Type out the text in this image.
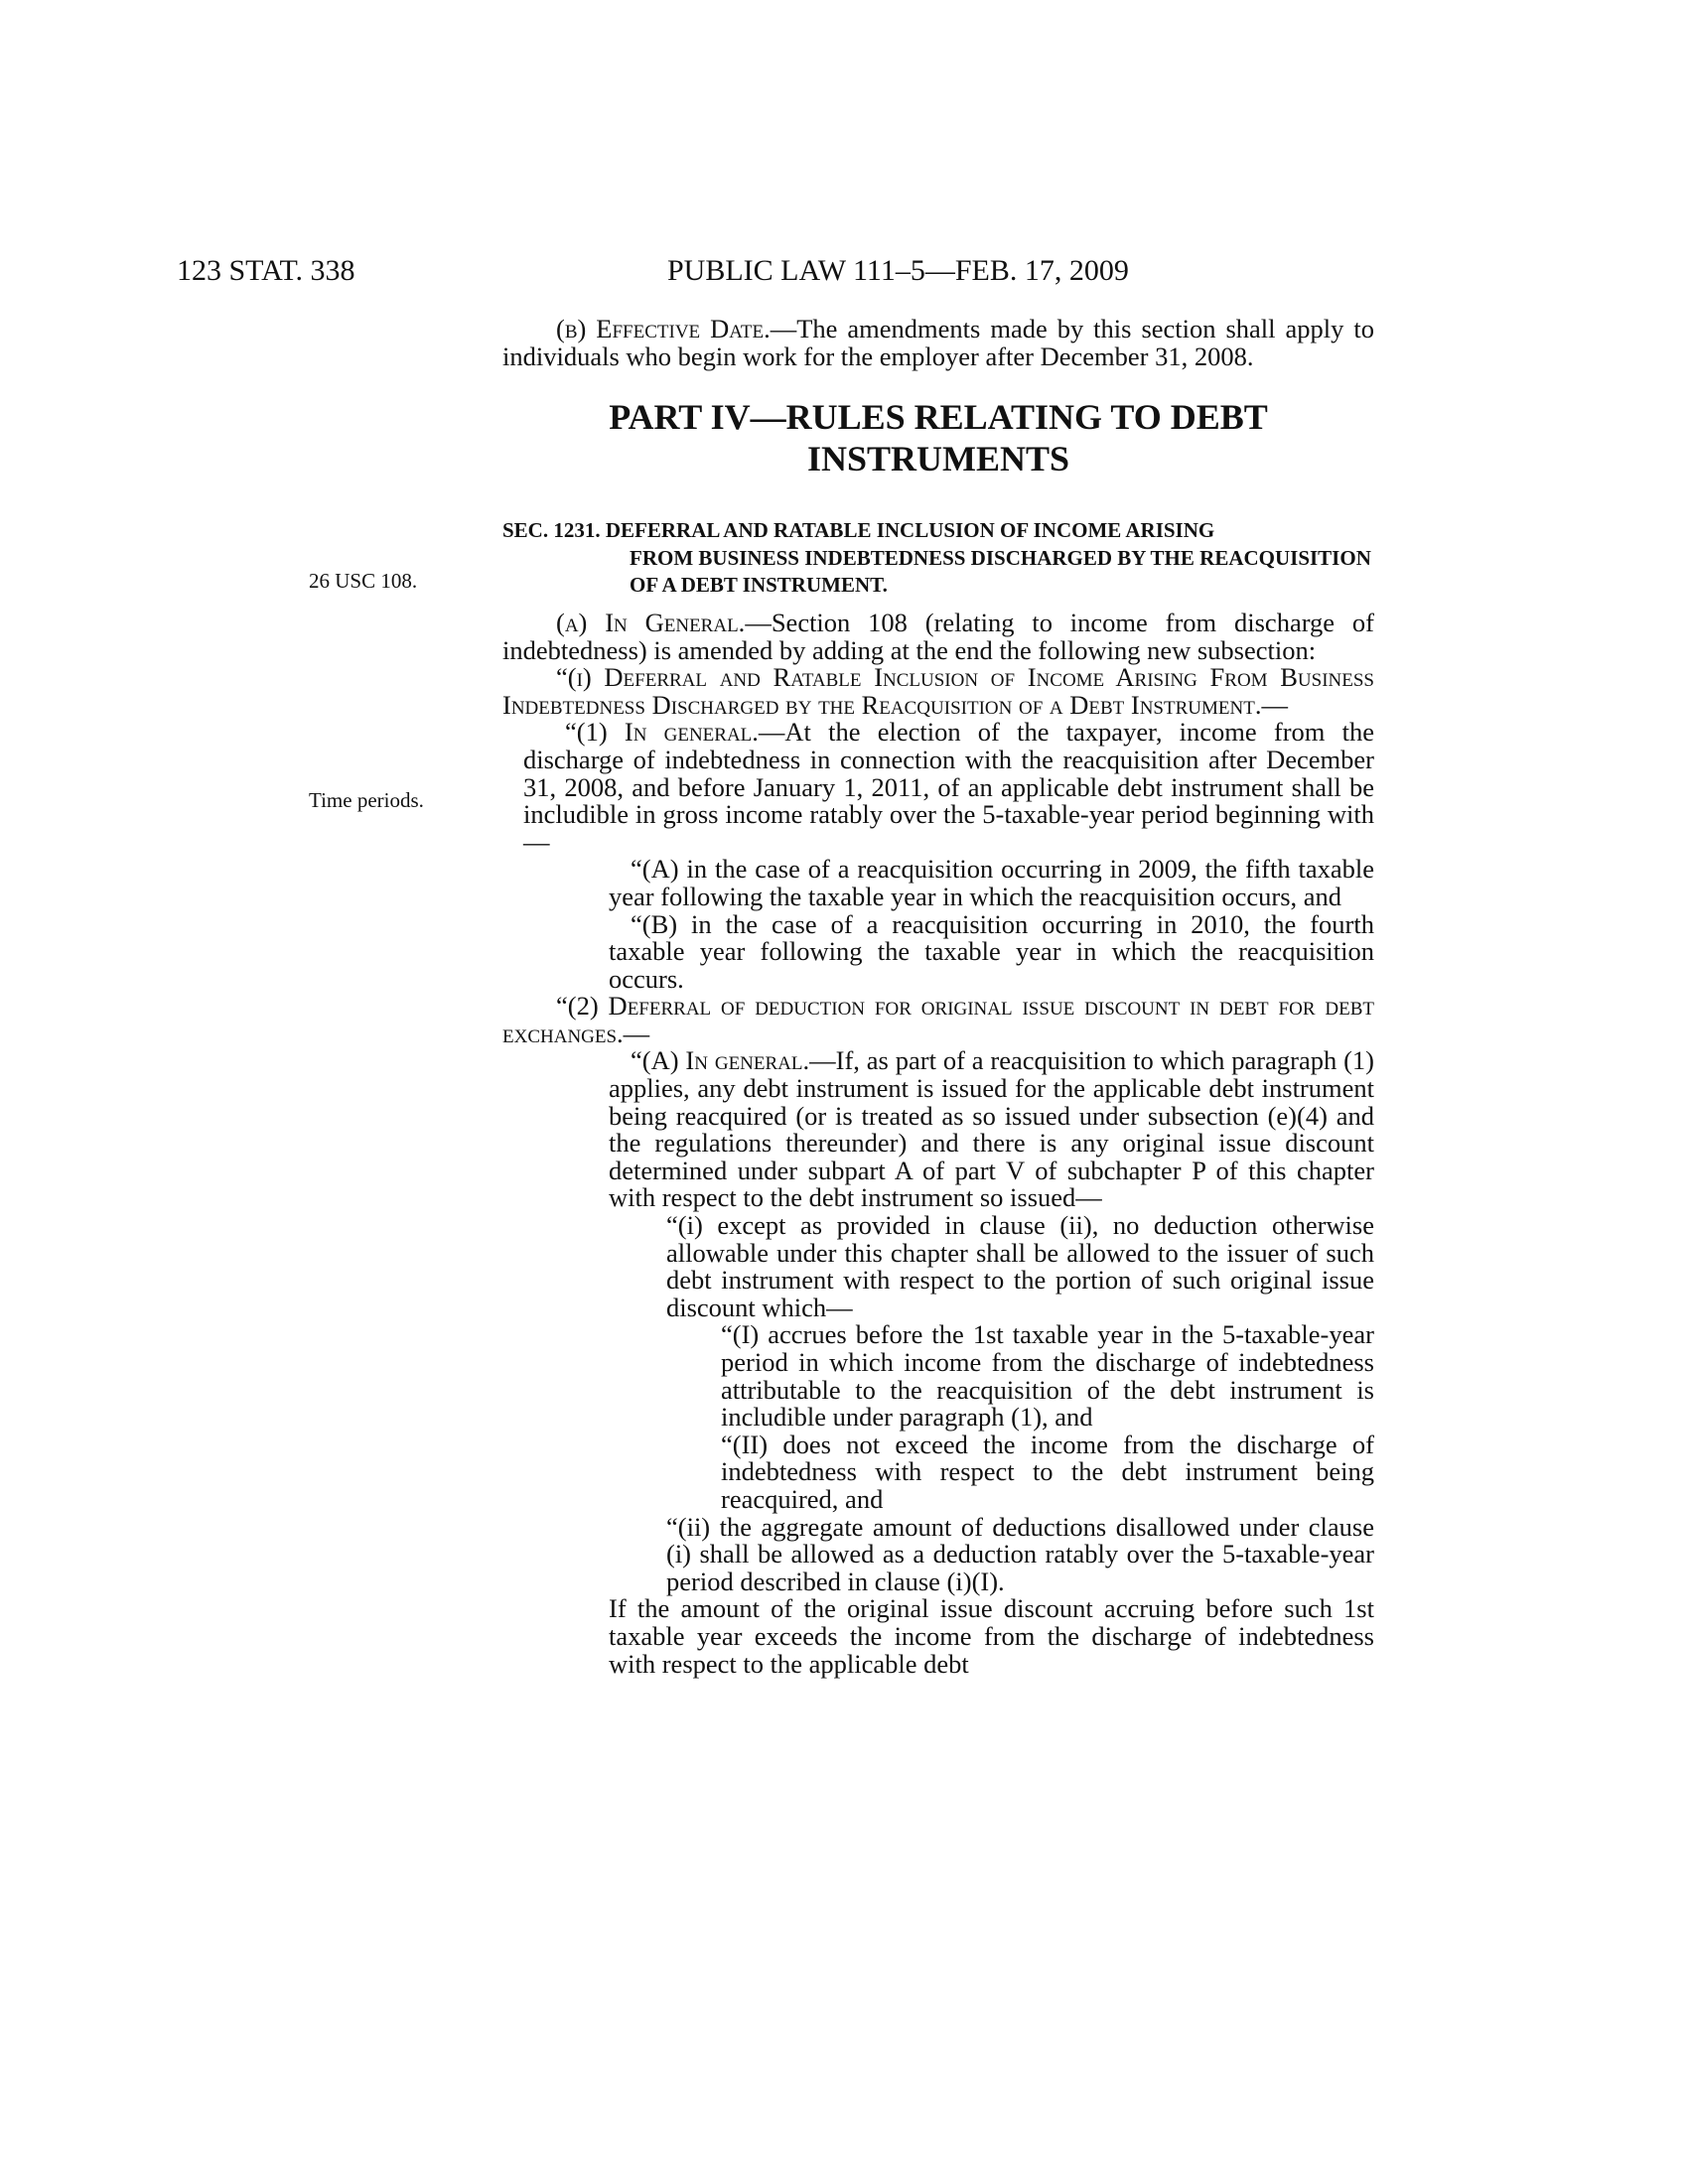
123 STAT. 338	PUBLIC LAW 111–5—FEB. 17, 2009
26 USC 108.
Time periods.

(b) Effective Date.—The amendments made by this section shall apply to individuals who begin work for the employer after December 31, 2008.

PART IV—RULES RELATING TO DEBT
INSTRUMENTS
SEC. 1231. DEFERRAL AND RATABLE INCLUSION OF INCOME ARISING
FROM BUSINESS INDEBTEDNESS DISCHARGED BY THE REACQUISITION OF A DEBT INSTRUMENT.

(a) In General.—Section 108 (relating to income from discharge of indebtedness) is amended by adding at the end the following new subsection:

“(i) Deferral and Ratable Inclusion of Income Arising From Business Indebtedness Discharged by the Reacquisition of a Debt Instrument.—

“(1) In general.—At the election of the taxpayer, income from the discharge of indebtedness in connection with the reacquisition after December 31, 2008, and before January 1, 2011, of an applicable debt instrument shall be includible in gross income ratably over the 5-taxable-year period beginning with—

“(A) in the case of a reacquisition occurring in 2009, the fifth taxable year following the taxable year in which the reacquisition occurs, and

“(B) in the case of a reacquisition occurring in 2010, the fourth taxable year following the taxable year in which the reacquisition occurs.

“(2) Deferral of deduction for original issue discount in debt for debt exchanges.—

“(A) In general.—If, as part of a reacquisition to which paragraph (1) applies, any debt instrument is issued for the applicable debt instrument being reacquired (or is treated as so issued under subsection (e)(4) and the regulations thereunder) and there is any original issue discount determined under subpart A of part V of subchapter P of this chapter with respect to the debt instrument so issued—

“(i) except as provided in clause (ii), no deduction otherwise allowable under this chapter shall be allowed to the issuer of such debt instrument with respect to the portion of such original issue discount which—

“(I) accrues before the 1st taxable year in the 5-taxable-year period in which income from the discharge of indebtedness attributable to the reacquisition of the debt instrument is includible under paragraph (1), and

“(II) does not exceed the income from the discharge of indebtedness with respect to the debt instrument being reacquired, and

“(ii) the aggregate amount of deductions disallowed under clause (i) shall be allowed as a deduction ratably over the 5-taxable-year period described in clause (i)(I).

If the amount of the original issue discount accruing before such 1st taxable year exceeds the income from the discharge of indebtedness with respect to the applicable debt
